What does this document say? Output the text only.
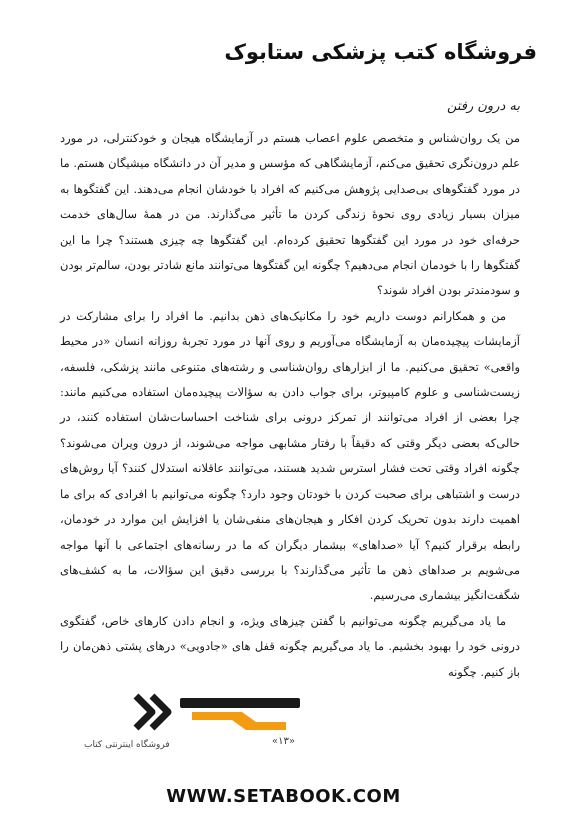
فروشگاه کتب پزشکی ستابوک
به درون رفتن

من یک روان‌شناس و متخصص علوم اعصاب هستم در آزمایشگاه هیجان و خودکنترلی، در مورد علم درون‌نگری تحقیق می‌کنم، آزمایشگاهی که مؤسس و مدیر آن در دانشگاه میشیگان هستم. ما در مورد گفتگوهای بی‌صدایی پژوهش می‌کنیم که افراد با خودشان انجام می‌دهند. این گفتگوها به میزان بسیار زیادی روی نحوهٔ زندگی کردن ما تأثیر می‌گذارند. من در همهٔ سال‌های خدمت حرفه‌ای خود در مورد این گفتگوها تحقیق کرده‌ام. این گفتگوها چه چیزی هستند؟ چرا ما این گفتگوها را با خودمان انجام می‌دهیم؟ چگونه این گفتگوها می‌توانند مانع شادتر بودن، سالم‌تر بودن و سودمندتر بودن افراد شوند؟

من و همکارانم دوست داریم خود را مکانیک‌های ذهن بدانیم. ما افراد را برای مشارکت در آزمایشات پیچیده‌مان به آزمایشگاه می‌آوریم و روی آنها در مورد تجربهٔ روزانه انسان «در محیط واقعی» تحقیق می‌کنیم. ما از ابزارهای روان‌شناسی و رشته‌های متنوعی مانند پزشکی، فلسفه، زیست‌شناسی و علوم کامپیوتر، برای جواب دادن به سؤالات پیچیده‌مان استفاده می‌کنیم مانند: چرا بعضی از افراد می‌توانند از تمرکز درونی برای شناخت احساسات‌شان استفاده کنند، در حالی‌که بعضی دیگر وقتی که دقیقاً با رفتار مشابهی مواجه می‌شوند، از درون ویران می‌شوند؟ چگونه افراد وقتی تحت فشار استرس شدید هستند، می‌توانند عاقلانه استدلال کنند؟ آیا روش‌های درست و اشتباهی برای صحبت کردن با خودتان وجود دارد؟ چگونه می‌توانیم با افرادی که برای ما اهمیت دارند بدون تحریک کردن افکار و هیجان‌های منفی‌شان یا افزایش این موارد در خودمان، رابطه برقرار کنیم؟ آیا «صداهای» بیشمار دیگران که ما در رسانه‌های اجتماعی با آنها مواجه می‌شویم بر صداهای ذهن ما تأثیر می‌گذارند؟ با بررسی دقیق این سؤالات، ما به کشف‌های شگفت‌انگیز بیشماری می‌رسیم.

ما یاد می‌گیریم چگونه می‌توانیم با گفتن چیزهای ویژه، و انجام دادن کارهای خاص، گفتگوی درونی خود را بهبود بخشیم. ما یاد می‌گیریم چگونه قفل های «جادویی» درهای پشتی ذهن‌مان را باز کنیم. چگونه

فروشگاه اینترنتی کتاب	«۱۳»
WWW.SETABOOK.COM
